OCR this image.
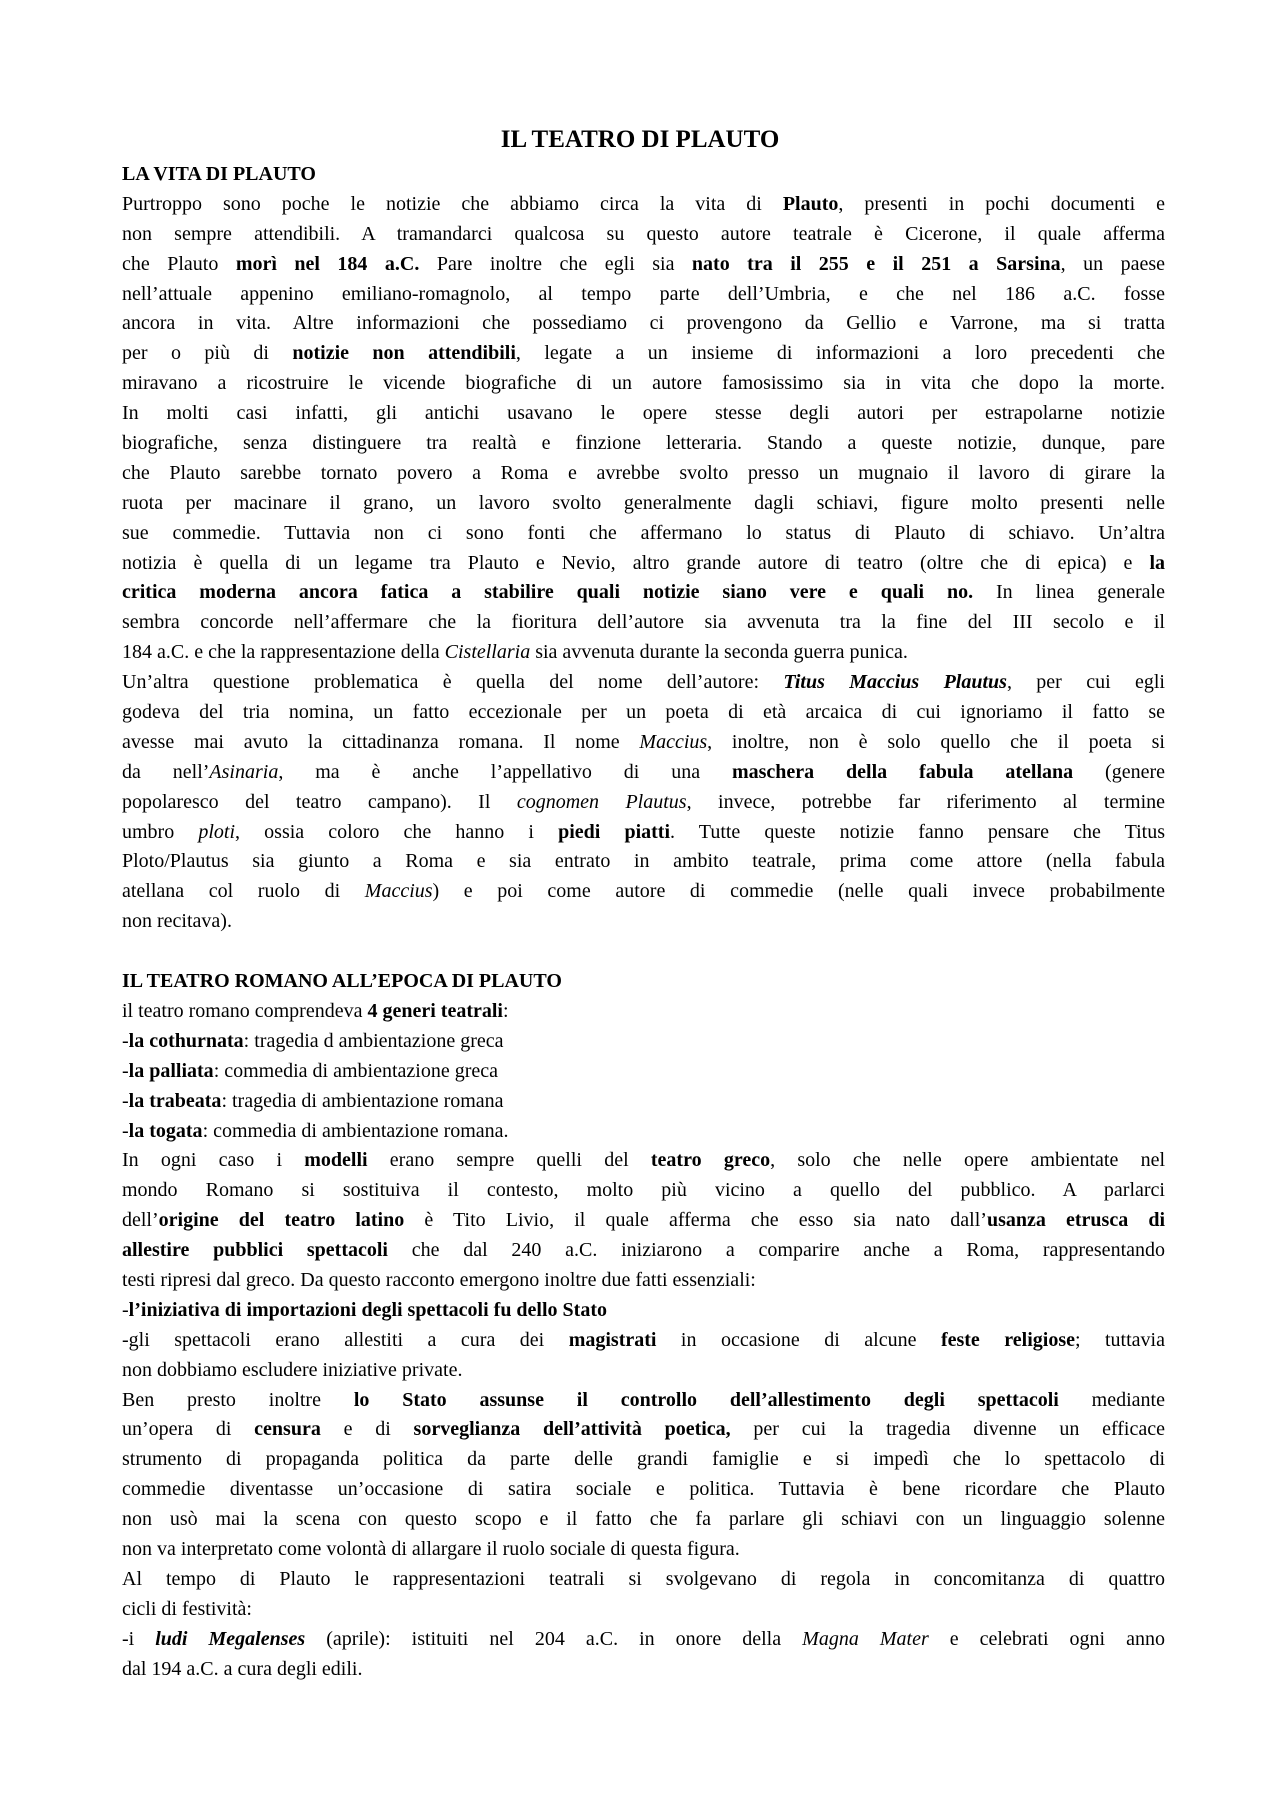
IL TEATRO DI PLAUTO
LA VITA DI PLAUTO
Purtroppo sono poche le notizie che abbiamo circa la vita di Plauto, presenti in pochi documenti e
non sempre attendibili. A tramandarci qualcosa su questo autore teatrale è Cicerone, il quale afferma
che Plauto morì nel 184 a.C. Pare inoltre che egli sia nato tra il 255 e il 251 a Sarsina, un paese
nell’attuale appenino emiliano-romagnolo, al tempo parte dell’Umbria, e che nel 186 a.C. fosse
ancora in vita. Altre informazioni che possediamo ci provengono da Gellio e Varrone, ma si tratta
per o più di notizie non attendibili, legate a un insieme di informazioni a loro precedenti che
miravano a ricostruire le vicende biografiche di un autore famosissimo sia in vita che dopo la morte.
In molti casi infatti, gli antichi usavano le opere stesse degli autori per estrapolarne notizie
biografiche, senza distinguere tra realtà e finzione letteraria. Stando a queste notizie, dunque, pare
che Plauto sarebbe tornato povero a Roma e avrebbe svolto presso un mugnaio il lavoro di girare la
ruota per macinare il grano, un lavoro svolto generalmente dagli schiavi, figure molto presenti nelle
sue commedie. Tuttavia non ci sono fonti che affermano lo status di Plauto di schiavo. Un’altra
notizia è quella di un legame tra Plauto e Nevio, altro grande autore di teatro (oltre che di epica) e la
critica moderna ancora fatica a stabilire quali notizie siano vere e quali no. In linea generale
sembra concorde nell’affermare che la fioritura dell’autore sia avvenuta tra la fine del III secolo e il
184 a.C. e che la rappresentazione della Cistellaria sia avvenuta durante la seconda guerra punica.
Un’altra questione problematica è quella del nome dell’autore: Titus Maccius Plautus, per cui egli
godeva del tria nomina, un fatto eccezionale per un poeta di età arcaica di cui ignoriamo il fatto se
avesse mai avuto la cittadinanza romana. Il nome Maccius, inoltre, non è solo quello che il poeta si
da nell’Asinaria, ma è anche l’appellativo di una maschera della fabula atellana (genere
popolaresco del teatro campano). Il cognomen Plautus, invece, potrebbe far riferimento al termine
umbro ploti, ossia coloro che hanno i piedi piatti. Tutte queste notizie fanno pensare che Titus
Ploto/Plautus sia giunto a Roma e sia entrato in ambito teatrale, prima come attore (nella fabula
atellana col ruolo di Maccius) e poi come autore di commedie (nelle quali invece probabilmente
non recitava).

IL TEATRO ROMANO ALL’EPOCA DI PLAUTO
il teatro romano comprendeva 4 generi teatrali:
-la cothurnata: tragedia d ambientazione greca
-la palliata: commedia di ambientazione greca
-la trabeata: tragedia di ambientazione romana
-la togata: commedia di ambientazione romana.
In ogni caso i modelli erano sempre quelli del teatro greco, solo che nelle opere ambientate nel
mondo Romano si sostituiva il contesto, molto più vicino a quello del pubblico. A parlarci
dell’origine del teatro latino è Tito Livio, il quale afferma che esso sia nato dall’usanza etrusca di
allestire pubblici spettacoli che dal 240 a.C. iniziarono a comparire anche a Roma, rappresentando
testi ripresi dal greco. Da questo racconto emergono inoltre due fatti essenziali:
-l’iniziativa di importazioni degli spettacoli fu dello Stato
-gli spettacoli erano allestiti a cura dei magistrati in occasione di alcune feste religiose; tuttavia
non dobbiamo escludere iniziative private.
Ben presto inoltre lo Stato assunse il controllo dell’allestimento degli spettacoli mediante
un’opera di censura e di sorveglianza dell’attività poetica, per cui la tragedia divenne un efficace
strumento di propaganda politica da parte delle grandi famiglie e si impedì che lo spettacolo di
commedie diventasse un’occasione di satira sociale e politica. Tuttavia è bene ricordare che Plauto
non usò mai la scena con questo scopo e il fatto che fa parlare gli schiavi con un linguaggio solenne
non va interpretato come volontà di allargare il ruolo sociale di questa figura.
Al tempo di Plauto le rappresentazioni teatrali si svolgevano di regola in concomitanza di quattro
cicli di festività:
-i ludi Megalenses (aprile): istituiti nel 204 a.C. in onore della Magna Mater e celebrati ogni anno
dal 194 a.C. a cura degli edili.
